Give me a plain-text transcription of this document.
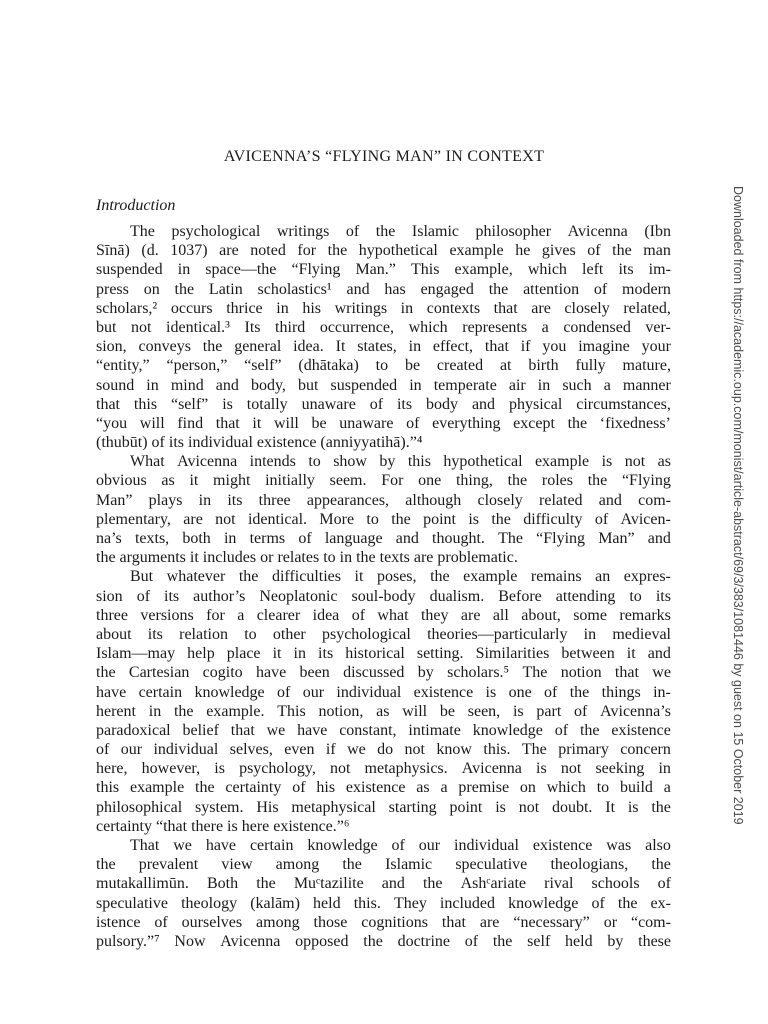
AVICENNA’S “FLYING MAN” IN CONTEXT
Introduction
The psychological writings of the Islamic philosopher Avicenna (Ibn
Sīnā) (d. 1037) are noted for the hypothetical example he gives of the man
suspended in space—the “Flying Man.” This example, which left its im-
press on the Latin scholastics¹ and has engaged the attention of modern
scholars,² occurs thrice in his writings in contexts that are closely related,
but not identical.³ Its third occurrence, which represents a condensed ver-
sion, conveys the general idea. It states, in effect, that if you imagine your
“entity,” “person,” “self” (dhātaka) to be created at birth fully mature,
sound in mind and body, but suspended in temperate air in such a manner
that this “self” is totally unaware of its body and physical circumstances,
“you will find that it will be unaware of everything except the ‘fixedness’
(thubūt) of its individual existence (anniyyatihā).”⁴
What Avicenna intends to show by this hypothetical example is not as
obvious as it might initially seem. For one thing, the roles the “Flying
Man” plays in its three appearances, although closely related and com-
plementary, are not identical. More to the point is the difficulty of Avicen-
na’s texts, both in terms of language and thought. The “Flying Man” and
the arguments it includes or relates to in the texts are problematic.
But whatever the difficulties it poses, the example remains an expres-
sion of its author’s Neoplatonic soul-body dualism. Before attending to its
three versions for a clearer idea of what they are all about, some remarks
about its relation to other psychological theories—particularly in medieval
Islam—may help place it in its historical setting. Similarities between it and
the Cartesian cogito have been discussed by scholars.⁵ The notion that we
have certain knowledge of our individual existence is one of the things in-
herent in the example. This notion, as will be seen, is part of Avicenna’s
paradoxical belief that we have constant, intimate knowledge of the existence
of our individual selves, even if we do not know this. The primary concern
here, however, is psychology, not metaphysics. Avicenna is not seeking in
this example the certainty of his existence as a premise on which to build a
philosophical system. His metaphysical starting point is not doubt. It is the
certainty “that there is here existence.”⁶
That we have certain knowledge of our individual existence was also
the prevalent view among the Islamic speculative theologians, the
mutakallimūn. Both the Muᶜtazilite and the Ashᶜariate rival schools of
speculative theology (kalām) held this. They included knowledge of the ex-
istence of ourselves among those cognitions that are “necessary” or “com-
pulsory.”⁷ Now Avicenna opposed the doctrine of the self held by these
Downloaded from https://academic.oup.com/monist/article-abstract/69/3/383/1081446 by guest on 15 October 2019
